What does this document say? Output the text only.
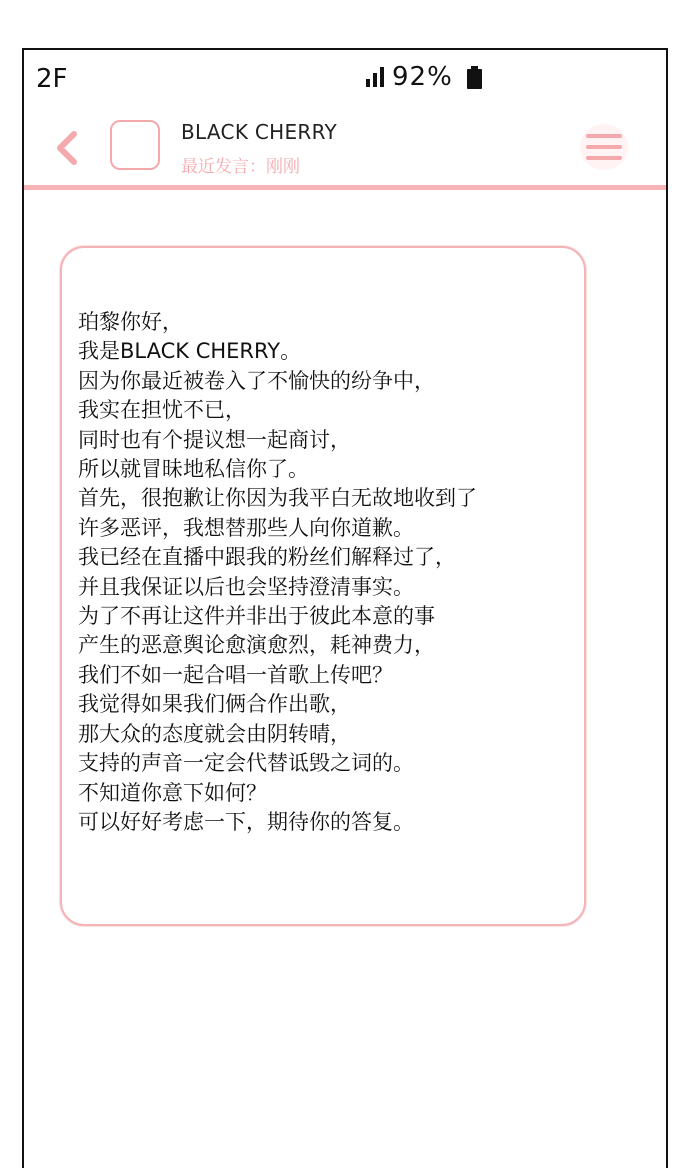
2F	92%
BLACK CHERRY
最近发言：刚刚
珀黎你好，
我是BLACK CHERRY。
因为你最近被卷入了不愉快的纷争中，
我实在担忧不已，
同时也有个提议想一起商讨，
所以就冒昧地私信你了。
首先，很抱歉让你因为我平白无故地收到了
许多恶评，我想替那些人向你道歉。
我已经在直播中跟我的粉丝们解释过了，
并且我保证以后也会坚持澄清事实。
为了不再让这件并非出于彼此本意的事
产生的恶意舆论愈演愈烈，耗神费力，
我们不如一起合唱一首歌上传吧？
我觉得如果我们俩合作出歌，
那大众的态度就会由阴转晴，
支持的声音一定会代替诋毁之词的。
不知道你意下如何？
可以好好考虑一下，期待你的答复。
